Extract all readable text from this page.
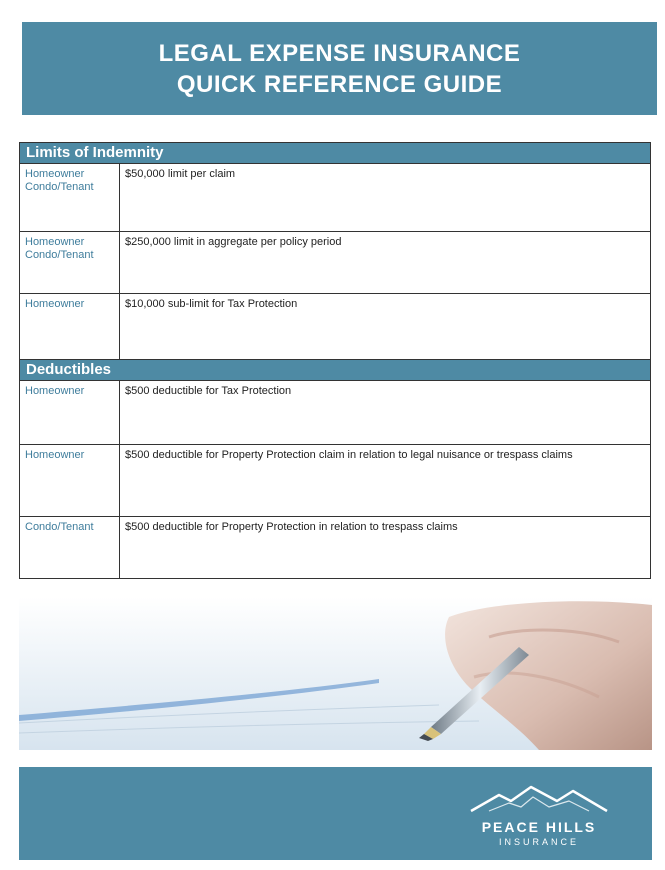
LEGAL EXPENSE INSURANCE
QUICK REFERENCE GUIDE
Limits of Indemnity	
Homeowner
Condo/Tenant	$50,000 limit per claim
Homeowner
Condo/Tenant	$250,000 limit in aggregate per policy period
Homeowner	$10,000 sub-limit for Tax Protection
Deductibles	
Homeowner	$500 deductible for Tax Protection
Homeowner	$500 deductible for Property Protection claim in relation to legal nuisance or trespass claims
Condo/Tenant	$500 deductible for Property Protection in relation to trespass claims
PEACE HILLS
INSURANCE
